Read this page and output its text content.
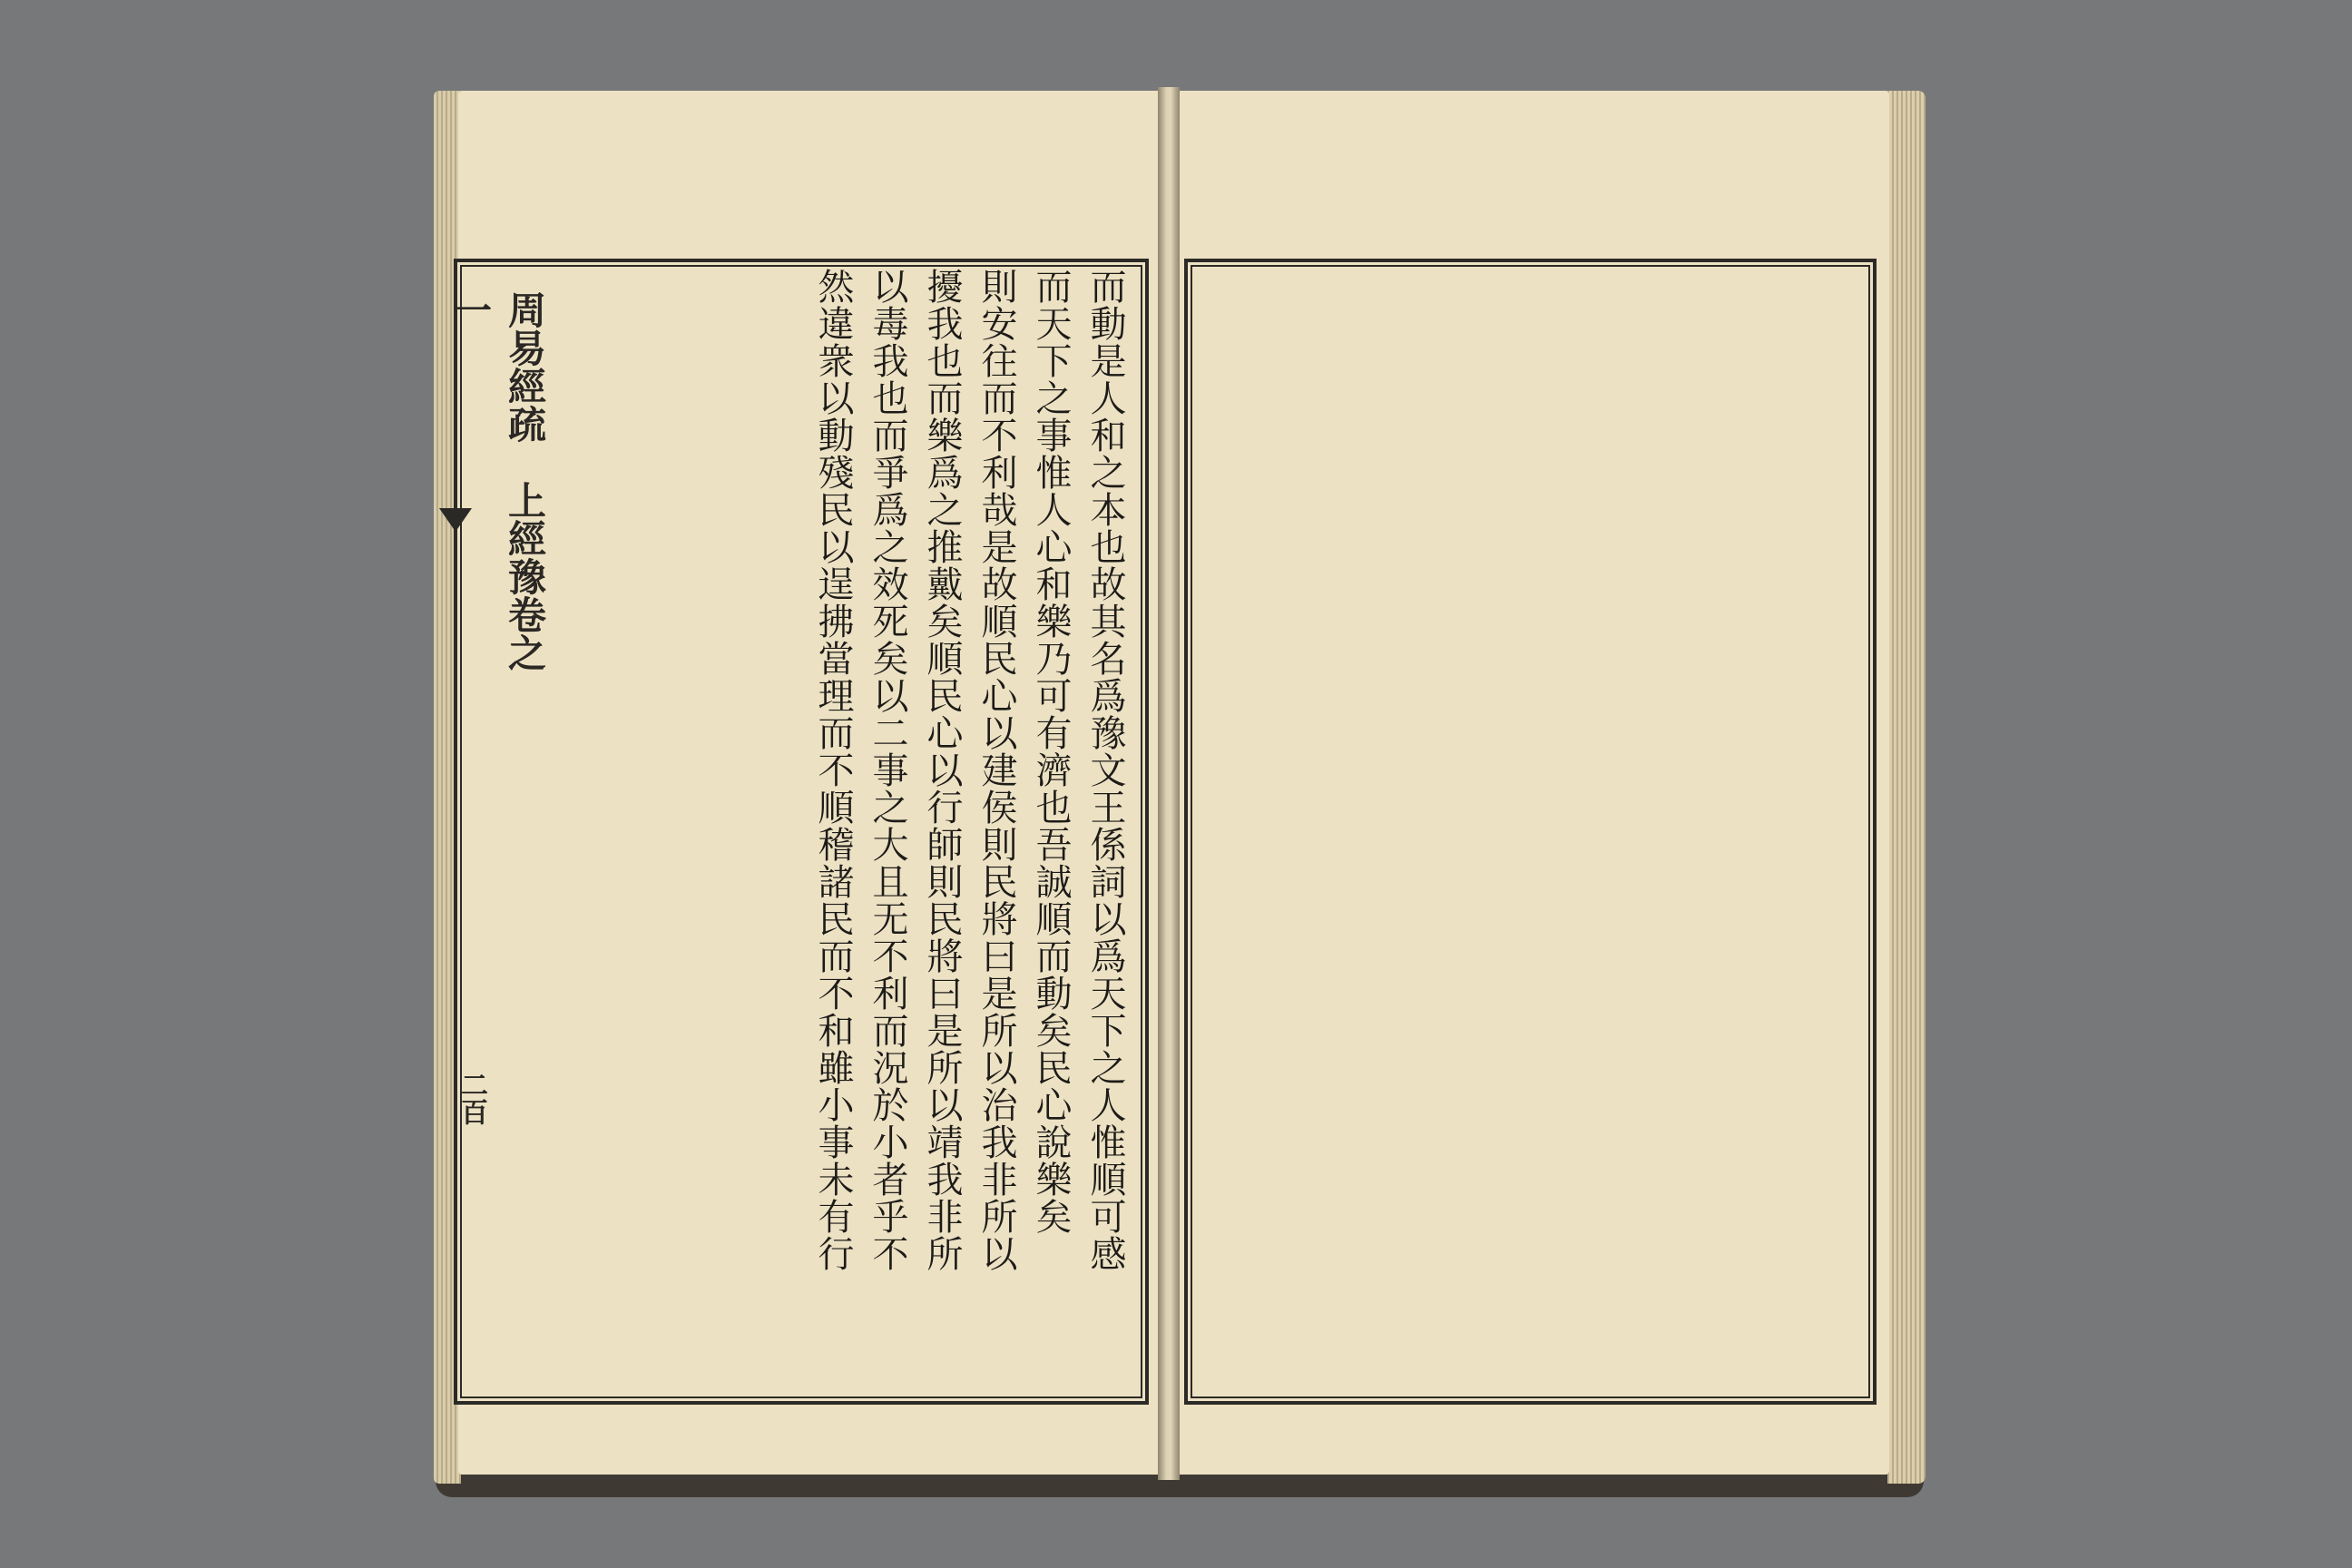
周易經疏　上經豫卷之一
二百	而動是人和之本也故其名爲豫文王係詞以爲天下之人惟順可感
而天下之事惟人心和樂乃可有濟也吾誠順而動矣民心說樂矣
則安往而不利哉是故順民心以建侯則民將曰是所以治我非所以
擾我也而樂爲之推戴矣順民心以行師則民將曰是所以靖我非所
以毒我也而爭爲之效死矣以二事之大且无不利而況於小者乎不
然違衆以動殘民以逞拂當理而不順稽諸民而不和雖小事未有行
